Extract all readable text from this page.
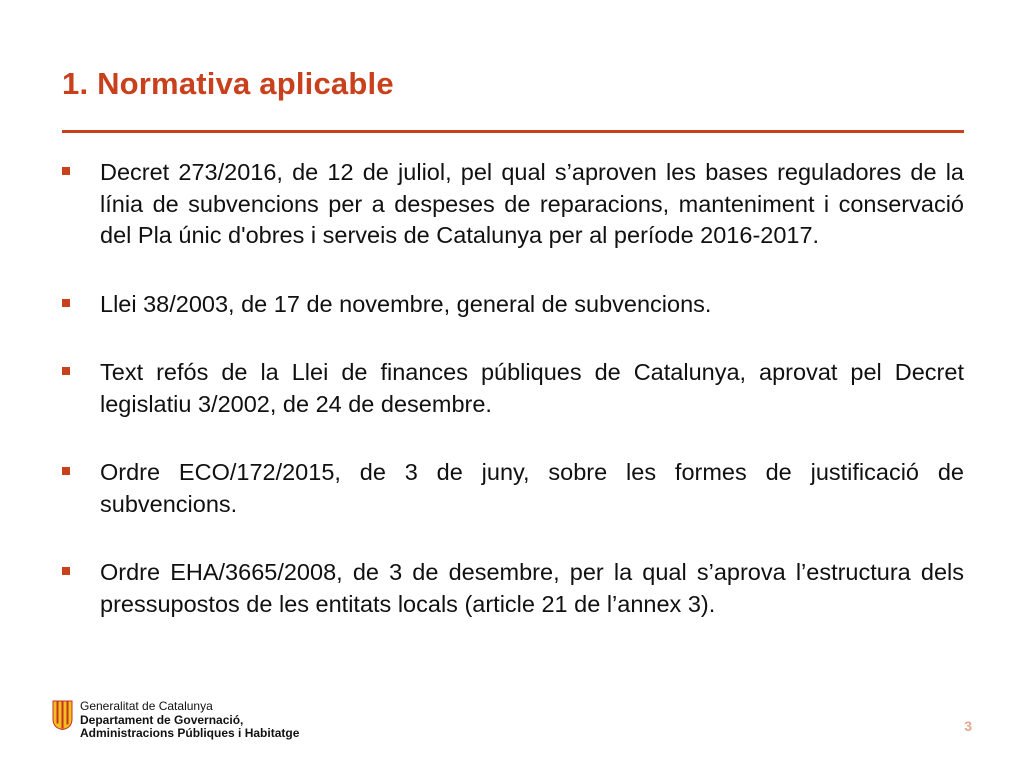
1. Normativa aplicable
Decret 273/2016, de 12 de juliol, pel qual s’aproven les bases reguladores de la línia de subvencions per a despeses de reparacions, manteniment i conservació del Pla únic d'obres i serveis de Catalunya per al període 2016-2017.
Llei 38/2003, de 17 de novembre, general de subvencions.
Text refós de la Llei de finances públiques de Catalunya, aprovat pel Decret legislatiu 3/2002, de 24 de desembre.
Ordre ECO/172/2015, de 3 de juny, sobre les formes de justificació de subvencions.
Ordre EHA/3665/2008, de 3 de desembre, per la qual s’aprova l’estructura dels pressupostos de les entitats locals (article 21 de l’annex 3).
Generalitat de Catalunya
Departament de Governació,
Administracions Públiques i Habitatge	3
